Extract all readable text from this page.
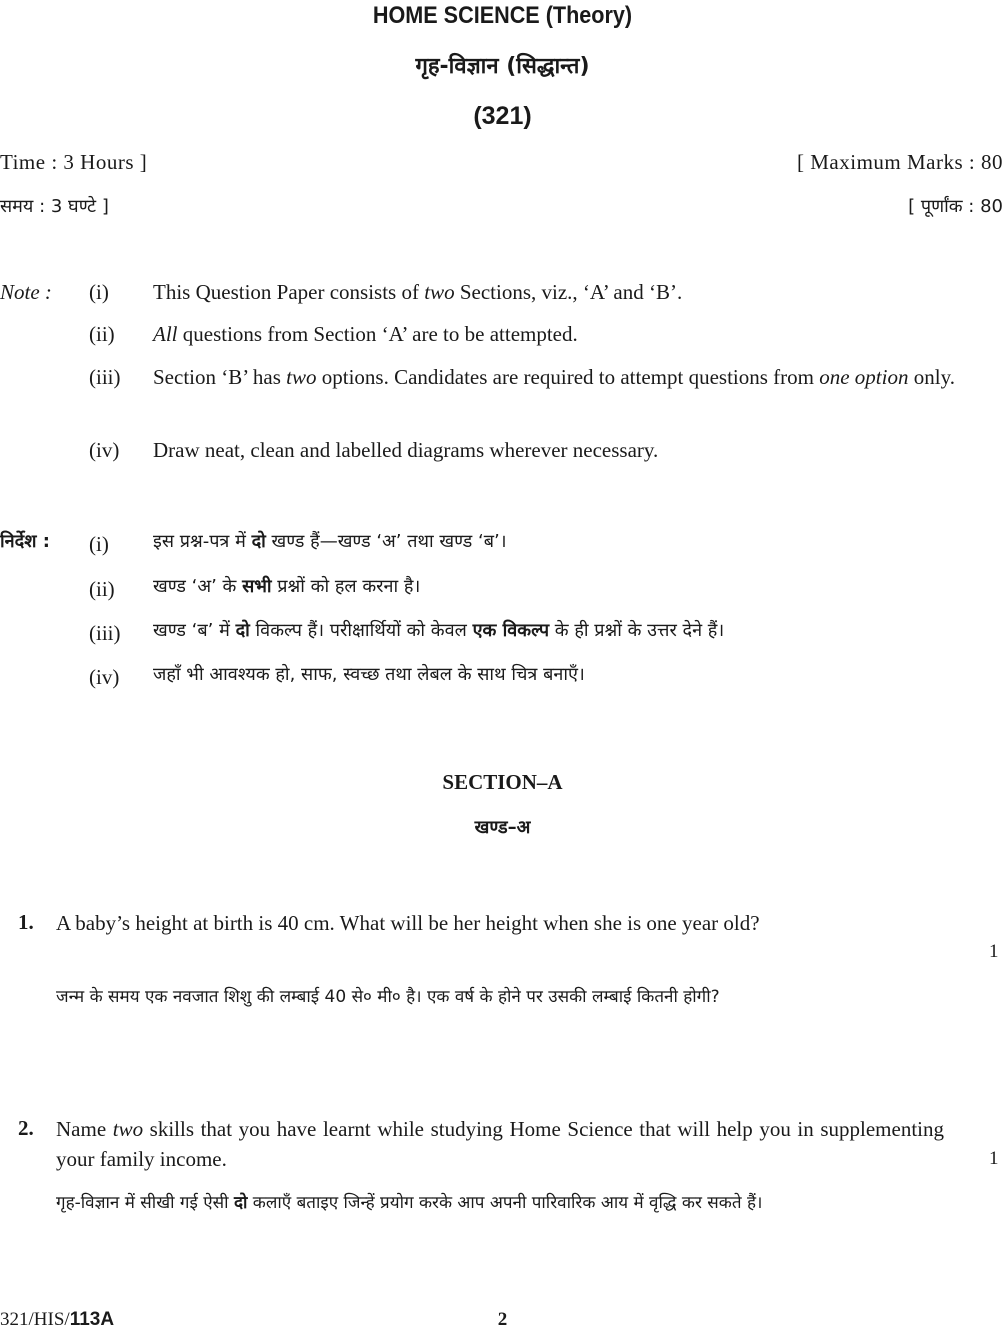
HOME SCIENCE (Theory)
गृह-विज्ञान (सिद्धान्त)
(321)
Time : 3 Hours ]	[ Maximum Marks : 80
समय : 3 घण्टे ]	[ पूर्णांक : 80
Note : (i) This Question Paper consists of two Sections, viz., ‘A’ and ‘B’.
(ii) All questions from Section ‘A’ are to be attempted.
(iii) Section ‘B’ has two options. Candidates are required to attempt questions from one option only.
(iv) Draw neat, clean and labelled diagrams wherever necessary.
निर्देश : (i) इस प्रश्न-पत्र में दो खण्ड हैं—खण्ड ‘अ’ तथा खण्ड ‘ब’।
(ii) खण्ड ‘अ’ के सभी प्रश्नों को हल करना है।
(iii) खण्ड ‘ब’ में दो विकल्प हैं। परीक्षार्थियों को केवल एक विकल्प के ही प्रश्नों के उत्तर देने हैं।
(iv) जहाँ भी आवश्यक हो, साफ, स्वच्छ तथा लेबल के साथ चित्र बनाएँ।
SECTION–A
खण्ड–अ
1. A baby’s height at birth is 40 cm. What will be her height when she is one year old?
1
जन्म के समय एक नवजात शिशु की लम्बाई 40 से० मी० है। एक वर्ष के होने पर उसकी लम्बाई कितनी होगी?
2. Name two skills that you have learnt while studying Home Science that will help you in supplementing your family income.	1
गृह-विज्ञान में सीखी गई ऐसी दो कलाएँ बताइए जिन्हें प्रयोग करके आप अपनी पारिवारिक आय में वृद्धि कर सकते हैं।
321/HIS/113A	2
